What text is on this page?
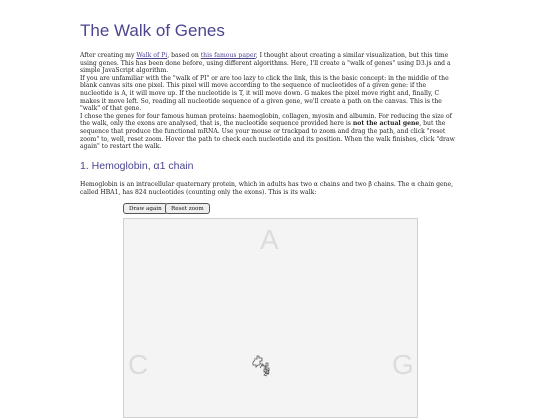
The Walk of Genes

After creating my Walk of Pi, based on this famous paper, I thought about creating a similar visualization, but this time using genes. This has been done before, using different algorithms. Here, I'll create a "walk of genes" using D3.js and a simple JavaScript algorithm.

If you are unfamiliar with the "walk of PI" or are too lazy to click the link, this is the basic concept: in the middle of the blank canvas sits one pixel. This pixel will move according to the sequence of nucleotides of a given gene: if the nucleotide is A, it will move up. If the nucleotide is T, it will move down. G makes the pixel move right and, finally, C makes it move left. So, reading all nucleotide sequence of a given gene, we'll create a path on the canvas. This is the "walk" of that gene.

I chose the genes for four famous human proteins: haemoglobin, collagen, myosin and albumin. For reducing the size of the walk, only the exons are analysed, that is, the nucleotide sequence provided here is not the actual gene, but the sequence that produce the functional mRNA. Use your mouse or trackpad to zoom and drag the path, and click "reset zoom" to, well, reset zoom. Hover the path to check each nucleotide and its position. When the walk finishes, click "draw again" to restart the walk.

1. Hemoglobin, α1 chain

Hemoglobin is an intracellular quaternary protein, which in adults has two α chains and two β chains. The α chain gene, called HBA1, has 824 nucleotides (counting only the exons). This is its walk:

Draw again	Reset zoom
A
C	G
